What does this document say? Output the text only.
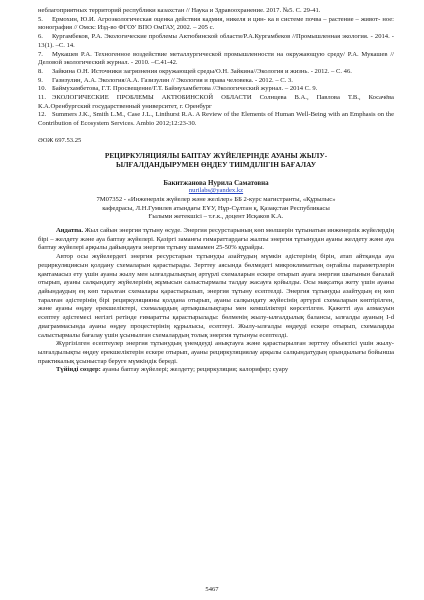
неблагоприятных территорий республики казахстан // Наука и Здравоохранение. 2017. №5. С. 29-41.

5. Ермохин, Ю.И. Агроэкологическая оценка действия кадмия, никеля и цин- ка в системе почва – растение – живот- ное: монография // Омск: Изд-во ФГОУ ВПО ОмГАУ, 2002. – 205 с.

6. Кургамбеков, Р.А. Экологические проблемы Актюбинской области/Р.А.Кургамбеков //Промышленная экология. - 2014. - 13(1). –С. 14.

7. Мукашев Р.А. Техногенное воздействие металлургической промышленности на окружающую среду/ Р.А. Мукашев //Деловой экологический журнал. - 2010. –С.41-42.

8. Зайкина О.Н. Источники загрязнения окружающей среды/О.Н. Зайкина//Экология и жизнь. - 2012. – С. 46.

9. Газизулин, А.А. Экология/А.А. Газизулин // Экология и права человека. - 2012. – С. 3.

10. Баймухамбетова, Г.Т. Просвещение/Г.Т. Баймухамбетова //Экологический журнал. – 2014 С. 9.

11. ЭКОЛОГИЧЕСКИЕ ПРОБЛЕМЫ АКТЮБИНСКОЙ ОБЛАСТИ Солнцева В.А., Павлова Т.В., Косачёва К.А.Оренбургский государственный университет, г. Оренбург

12. Summers J.K., Smith L.M., Case J.L., Linthurst R.A. A Review of the Elements of Human Well-Being with an Emphasis on the Contribution of Ecosystem Services. Ambio 2012;12:23-30.

ӘОЖ 697.53.25

РЕЦИРКУЛЯЦИЯЛЫ БАПТАУ ЖҮЙЕЛЕРІНДЕ АУАНЫ ЖЫЛУ-
ЫЛҒАЛДАНДЫРУМЕН ӨҢДЕУ ТИІМДІЛІГІН БАҒАЛАУ

Бакитжанова Нурила Саматовна

nurilabs@yandex.kz

7М07352 - «Инженерлік жүйелер және желілер» ББ 2-курс магистранты, «Құрылыс»

кафедрасы, Л.Н.Гумилев атындағы ЕҰУ, Нұр-Сұлтан қ, Қазақстан Республикасы

Ғылыми жетекшісі – т.ғ.к., доцент Исқаков К.А.

Аңдатпа. Жыл сайын энергия тұтыну өсуде. Энергия ресурстарының көп мөлшерін тұтынатын инженерлік жүйелердің бірі – желдету және ауа баптау жүйелері. Қазіргі заманғы ғимараттардағы жалпы энергия тұтынудан ауаны желдету және ауа баптау жүйелері арқылы дайындауға энергия тұтыну шамамен 25-50% құрайды.

Автор осы жүйелердегі энергия ресурстарын тұтынуды азайтудың мүмкін әдістерінің бірін, атап айтқанда ауа рециркуляциясын қолдану схемаларын қарастырады. Зерттеу аясында бөлмедегі микроклиматтың оңтайлы параметрлерін қамтамасыз ету үшін ауаны жылу мен ылғалдылықтың әртүрлі схемаларын ескере отырып ауаға энергия шығынын бағалай отырып, ауаны салқындату жүйелерінің жұмысын салыстырмалы талдау жасауға қойылды. Осы мақсатқа жету үшін ауаны дайындаудың ең көп таралған схемалары қарастырылып, энергия тұтыну есептелді. Энергия тұтынуды азайтудың ең көп таралған әдістерінің бірі рециркуляцияны қолдана отырып, ауаны салқындату жүйесінің әртүрлі схемаларын көптірілген, және ауаны өңдеу ерекшеліктері, схемалардың артықшылықтары мен кемшіліктері көрсетілген. Қажетті ауа алмасуын есептеу әдістемесі негізгі ретінде ғимаратты қарастырылады: бөлменің жылу-ылғалдылық балансы, ылғалды ауаның I-d диаграммасында ауаны өңдеу процестерінің құрылысы, есептеуі. Жылу-ылғалды өңдеуді ескере отырып, схемаларды салыстырмалы бағалау үшін ұсынылған схемалардың толық энергия тұтынуы есептелді.

Жүргізілген есептеулер энергия тұтынудың үнемдеуді анықтауға және қарастырылған зерттеу объектісі үшін жылу-ылғалдылықты өңдеу ерекшеліктерін ескере отырып, ауаны рециркуляциялау арқылы салқындатудың орындылығы бойынша практикалық ұсыныстар беруге мүмкіндік береді.

Түйінді сөздер: ауаны баптау жүйелері; желдету; рециркуляция; калорифер; суару

5467
